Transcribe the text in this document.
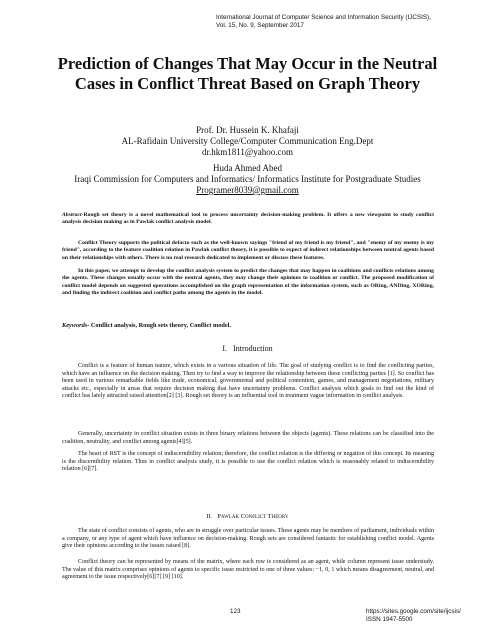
International Journal of Computer Science and Information Security (IJCSIS),
Vol. 15, No. 9, September 2017
Prediction of Changes That May Occur in the Neutral Cases in Conflict Threat Based on Graph Theory
Prof. Dr. Hussein K. Khafaji
AL-Rafidain University College/Computer Communication Eng.Dept
dr.hkm1811@yahoo.com
Huda Ahmed Abed
Iraqi Commission for Computers and Informatics/ Informatics Institute for Postgraduate Studies
Programer8039@gmail.com
Abstract-Rough set theory is a novel mathematical tool to process uncertainty decision-making problem. It offers a new viewpoint to study conflict analysis decision making as in Pawlak conflict analysis model.
Conflict Theory supports the political defacto such as the well-known sayings "friend of my friend is my friend", and "enemy of my enemy is my friend", according to the feature coalition relation in Pawlak conflict theory, it is possible to expect of indirect relationships between neutral agents based on their relationships with others. There is no real research dedicated to implement or discuss these features.
In this paper, we attempt to develop the conflict analysis system to predict the changes that may happen in coalitions and conflicts relations among the agents. These changes usually occur with the neutral agents, they may change their opinions to coalition or conflict. The proposed modification of conflict model depends on suggested operations accomplished on the graph representation of the information system, such as ORing, ANDing, XORing, and finding the indirect coalition and conflict paths among the agents in the model.
Keywords- Conflict analysis, Rough sets theory, Conflict model.
I. Introduction
Conflict is a feature of human nature, which exists in a various situation of life. The goal of studying conflict is to find the conflicting parties, which have an influence on the decision making. Then try to find a way to improve the relationship between these conflicting parties [1]. So conflict has been used in various remarkable fields like trade, economical, governmental and political contention, games, and management negotiations, military attacks etc., especially in areas that require decision making that have uncertainty problems. Conflict analysis which goals to find out the kind of conflict has lately attracted raised attention[2] [3]. Rough set theory is an influential tool in treatment vague information in conflict analysis.
Generally, uncertainty in conflict situation exists in three binary relations between the objects (agents). These relations can be classified into the coalition, neutrality, and conflict among agents[4][5].
The heart of RST is the concept of indiscernibility relation; therefore, the conflict relation is the differing or negation of this concept. Its meaning is the discernibility relation. Thus in conflict analysis study, it is possible to use the conflict relation which is reasonably related to indiscernibility relation [6][7].
II. Pawlak Conflict Theory
The state of conflict consists of agents, who are in struggle over particular issues. These agents may be members of parliament, individuals within a company, or any type of agent which have influence on decision-making. Rough sets are considered fantastic for establishing conflict model. Agents give their opinions according to the issues raised [8].
Conflict theory can be represented by means of the matrix, where each row is considered as an agent, while column represent issue understudy. The value of this matrix comprises opinions of agents to specific issue restricted to one of three values: −1, 0, 1 which means disagreement, neutral, and agreement to the issue respectively[6][7] [9] [10].
123	https://sites.google.com/site/ijcsis/
ISSN 1947-5500
